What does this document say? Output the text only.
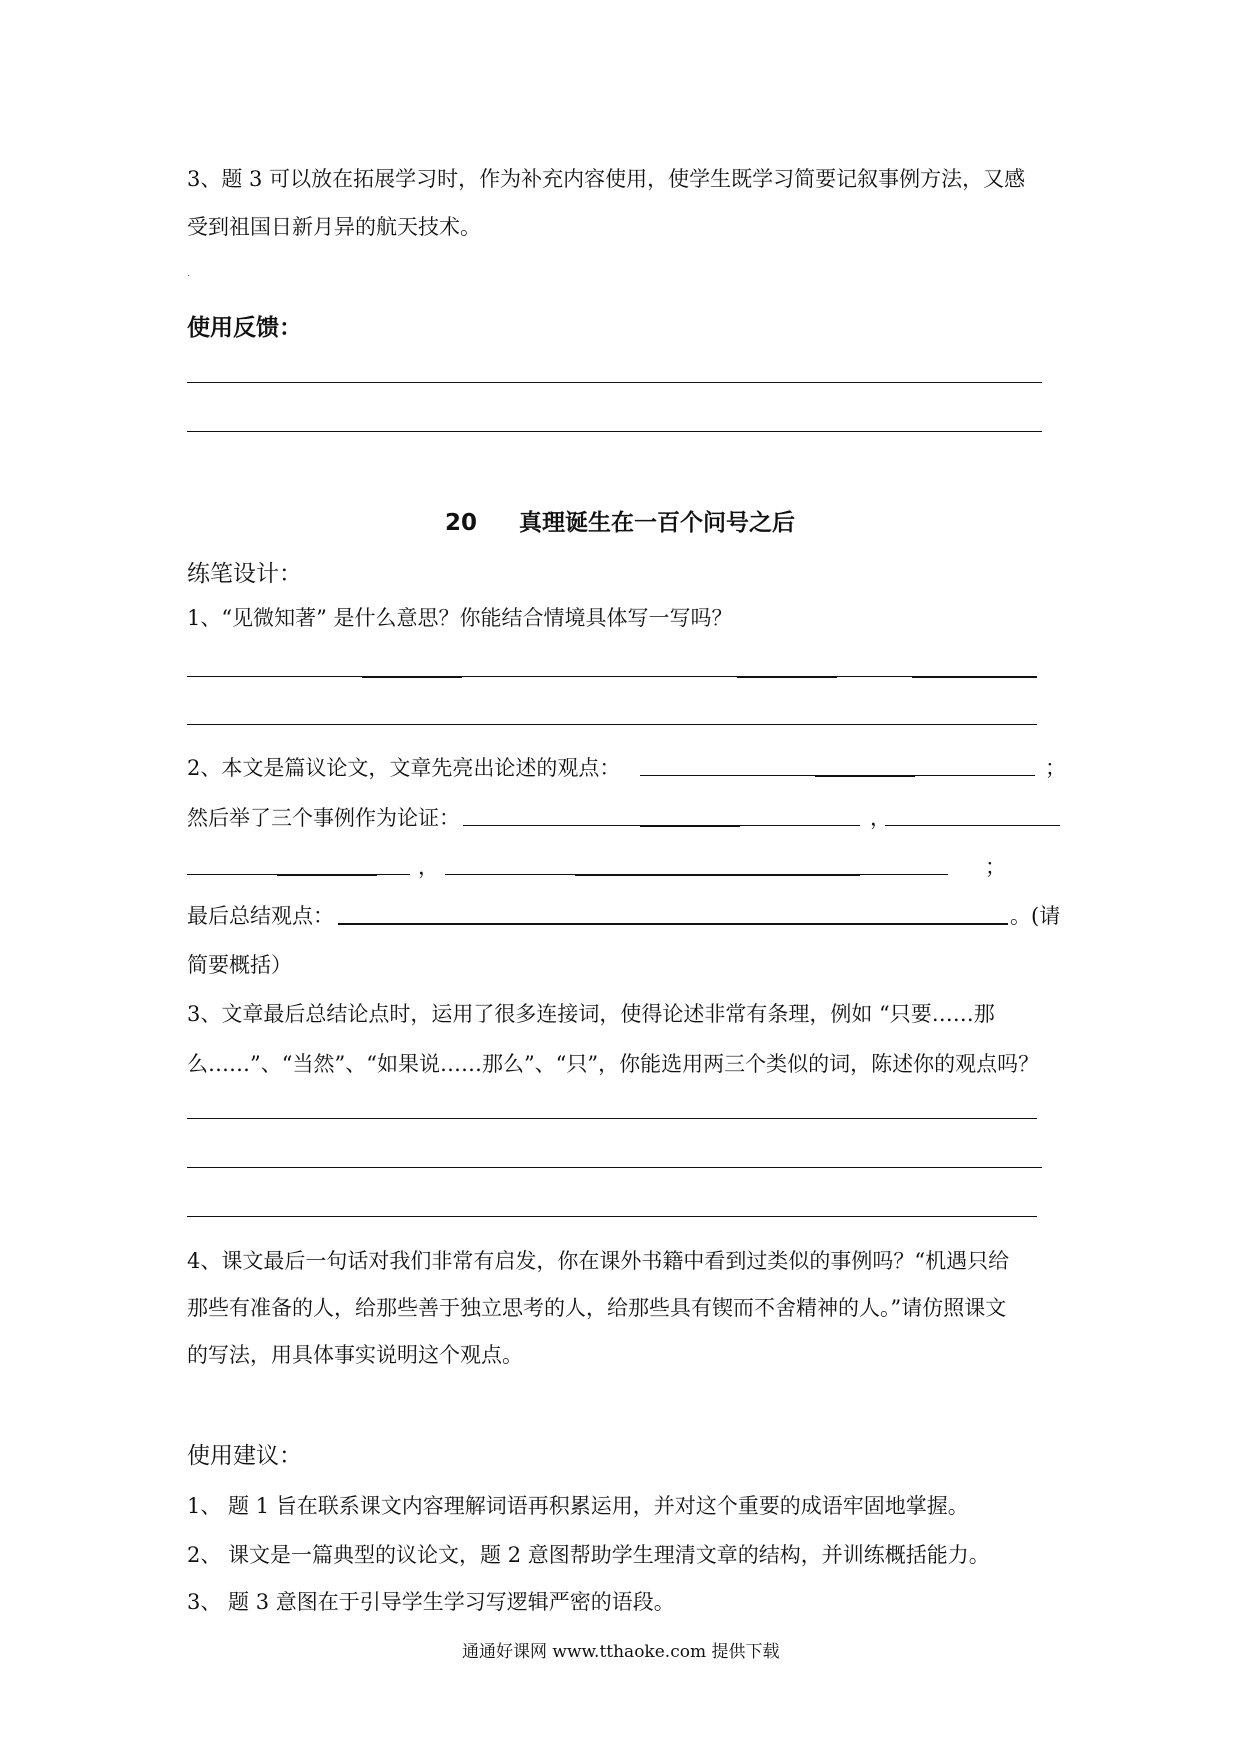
3、题 3 可以放在拓展学习时，作为补充内容使用，使学生既学习简要记叙事例方法，又感
受到祖国日新月异的航天技术。
使用反馈：
20 真理诞生在一百个问号之后
练笔设计：
1、“见微知著” 是什么意思？你能结合情境具体写一写吗？
2、本文是篇议论文，文章先亮出论述的观点：	；
然后举了三个事例作为论证：	，
，	；
最后总结观点：	。(请
简要概括）
3、文章最后总结论点时，运用了很多连接词，使得论述非常有条理，例如 “只要……那
么……”、“当然”、“如果说……那么”、“只”，你能选用两三个类似的词，陈述你的观点吗？
4、课文最后一句话对我们非常有启发，你在课外书籍中看到过类似的事例吗？“机遇只给
那些有准备的人，给那些善于独立思考的人，给那些具有锲而不舍精神的人。”请仿照课文
的写法，用具体事实说明这个观点。
使用建议：
1、 题 1 旨在联系课文内容理解词语再积累运用，并对这个重要的成语牢固地掌握。
2、 课文是一篇典型的议论文，题 2 意图帮助学生理清文章的结构，并训练概括能力。
3、 题 3 意图在于引导学生学习写逻辑严密的语段。
通通好课网 www.tthaoke.com 提供下载
